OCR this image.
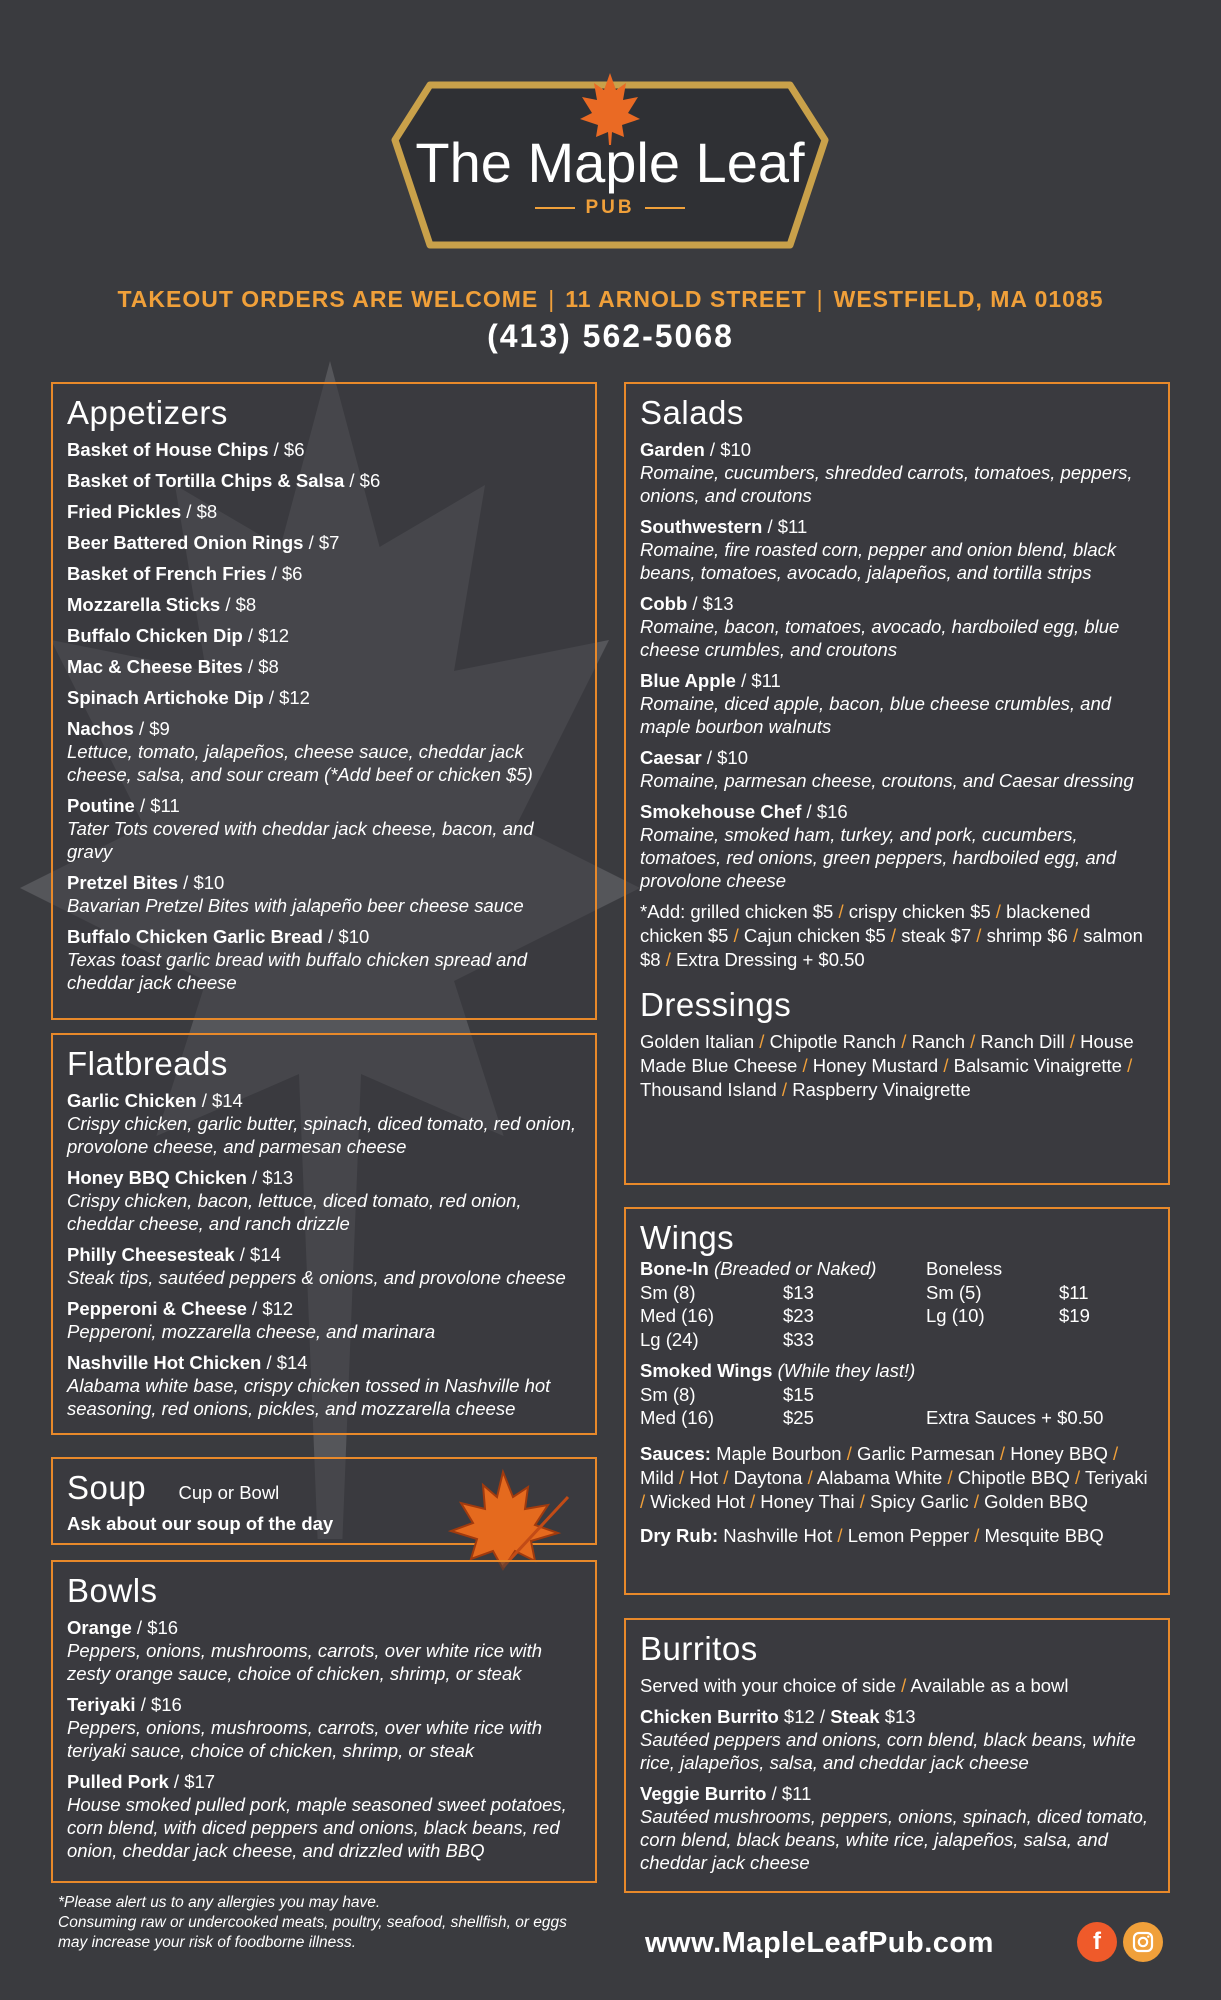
The Maple Leaf
PUB
TAKEOUT ORDERS ARE WELCOME | 11 ARNOLD STREET | WESTFIELD, MA 01085
(413) 562-5068
Appetizers
Basket of House Chips / $6
Basket of Tortilla Chips & Salsa / $6
Fried Pickles / $8
Beer Battered Onion Rings / $7
Basket of French Fries / $6
Mozzarella Sticks / $8
Buffalo Chicken Dip / $12
Mac & Cheese Bites / $8
Spinach Artichoke Dip / $12
Nachos / $9
Lettuce, tomato, jalapeños, cheese sauce, cheddar jack cheese, salsa, and sour cream (*Add beef or chicken $5)
Poutine / $11
Tater Tots covered with cheddar jack cheese, bacon, and gravy
Pretzel Bites / $10
Bavarian Pretzel Bites with jalapeño beer cheese sauce
Buffalo Chicken Garlic Bread / $10
Texas toast garlic bread with buffalo chicken spread and cheddar jack cheese
Flatbreads
Garlic Chicken / $14
Crispy chicken, garlic butter, spinach, diced tomato, red onion, provolone cheese, and parmesan cheese
Honey BBQ Chicken / $13
Crispy chicken, bacon, lettuce, diced tomato, red onion, cheddar cheese, and ranch drizzle
Philly Cheesesteak / $14
Steak tips, sautéed peppers & onions, and provolone cheese
Pepperoni & Cheese / $12
Pepperoni, mozzarella cheese, and marinara
Nashville Hot Chicken / $14
Alabama white base, crispy chicken tossed in Nashville hot seasoning, red onions, pickles, and mozzarella cheese
Soup Cup or Bowl
Ask about our soup of the day
Bowls
Orange / $16
Peppers, onions, mushrooms, carrots, over white rice with zesty orange sauce, choice of chicken, shrimp, or steak
Teriyaki / $16
Peppers, onions, mushrooms, carrots, over white rice with teriyaki sauce, choice of chicken, shrimp, or steak
Pulled Pork / $17
House smoked pulled pork, maple seasoned sweet potatoes, corn blend, with diced peppers and onions, black beans, red onion, cheddar jack cheese, and drizzled with BBQ
Salads
Garden / $10
Romaine, cucumbers, shredded carrots, tomatoes, peppers, onions, and croutons
Southwestern / $11
Romaine, fire roasted corn, pepper and onion blend, black beans, tomatoes, avocado, jalapeños, and tortilla strips
Cobb / $13
Romaine, bacon, tomatoes, avocado, hardboiled egg, blue cheese crumbles, and croutons
Blue Apple / $11
Romaine, diced apple, bacon, blue cheese crumbles, and maple bourbon walnuts
Caesar / $10
Romaine, parmesan cheese, croutons, and Caesar dressing
Smokehouse Chef / $16
Romaine, smoked ham, turkey, and pork, cucumbers, tomatoes, red onions, green peppers, hardboiled egg, and provolone cheese
*Add: grilled chicken $5 / crispy chicken $5 / blackened chicken $5 / Cajun chicken $5 / steak $7 / shrimp $6 / salmon $8 / Extra Dressing + $0.50
Dressings
Golden Italian / Chipotle Ranch / Ranch / Ranch Dill / House Made Blue Cheese / Honey Mustard / Balsamic Vinaigrette / Thousand Island / Raspberry Vinaigrette
Wings
Bone-In (Breaded or Naked)	Boneless
Sm (8)	$13	Sm (5)	$11
Med (16)	$23	Lg (10)	$19
Lg (24)	$33
Smoked Wings (While they last!)
Sm (8)	$15
Med (16)	$25	Extra Sauces + $0.50
Sauces: Maple Bourbon / Garlic Parmesan / Honey BBQ / Mild / Hot / Daytona / Alabama White / Chipotle BBQ / Teriyaki / Wicked Hot / Honey Thai / Spicy Garlic / Golden BBQ
Dry Rub: Nashville Hot / Lemon Pepper / Mesquite BBQ
Burritos
Served with your choice of side / Available as a bowl
Chicken Burrito $12 / Steak $13
Sautéed peppers and onions, corn blend, black beans, white rice, jalapeños, salsa, and cheddar jack cheese
Veggie Burrito / $11
Sautéed mushrooms, peppers, onions, spinach, diced tomato, corn blend, black beans, white rice, jalapeños, salsa, and cheddar jack cheese
*Please alert us to any allergies you may have.
Consuming raw or undercooked meats, poultry, seafood, shellfish, or eggs may increase your risk of foodborne illness.	www.MapleLeafPub.com	f
